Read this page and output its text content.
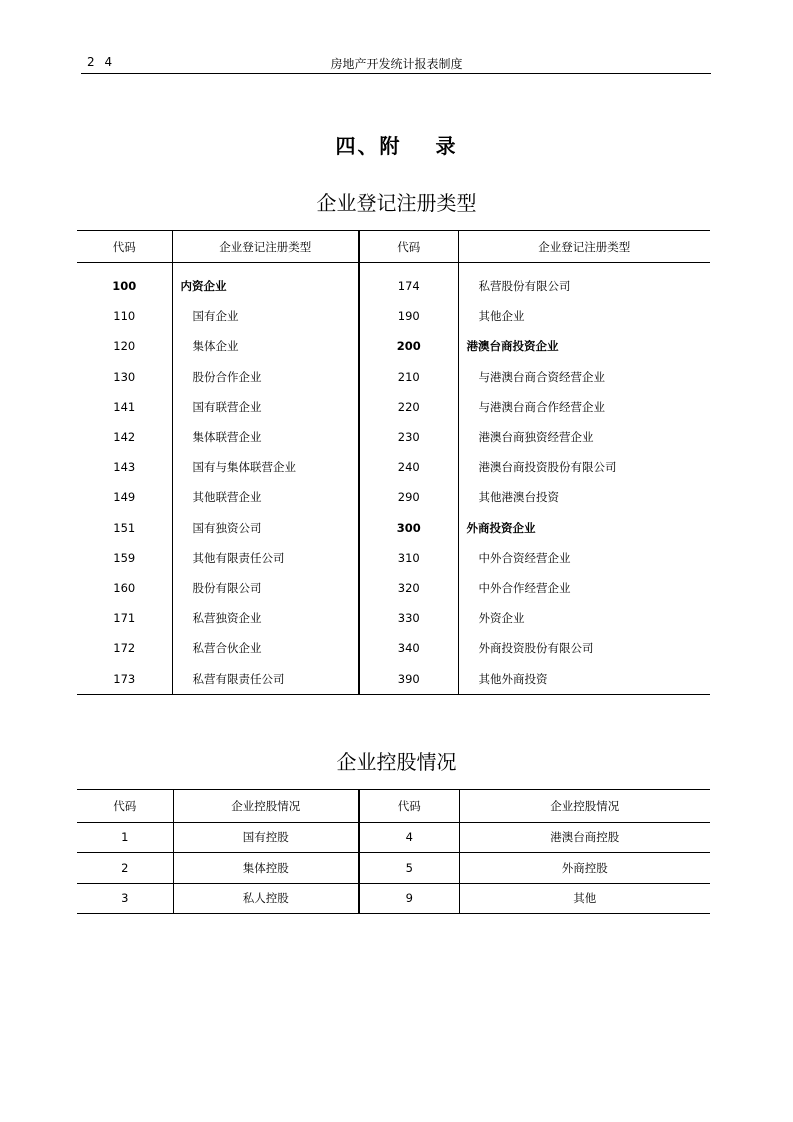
2 4	房地产开发统计报表制度
四、附 录
企业登记注册类型
代码	企业登记注册类型	代码	企业登记注册类型

100	内资企业	174	私营股份有限公司
110	国有企业	190	其他企业
120	集体企业	200	港澳台商投资企业
130	股份合作企业	210	与港澳台商合资经营企业
141	国有联营企业	220	与港澳台商合作经营企业
142	集体联营企业	230	港澳台商独资经营企业
143	国有与集体联营企业	240	港澳台商投资股份有限公司
149	其他联营企业	290	其他港澳台投资
151	国有独资公司	300	外商投资企业
159	其他有限责任公司	310	中外合资经营企业
160	股份有限公司	320	中外合作经营企业
171	私营独资企业	330	外资企业
172	私营合伙企业	340	外商投资股份有限公司
173	私营有限责任公司	390	其他外商投资
企业控股情况
代码	企业控股情况	代码	企业控股情况
1	国有控股	4	港澳台商控股
2	集体控股	5	外商控股
3	私人控股	9	其他
